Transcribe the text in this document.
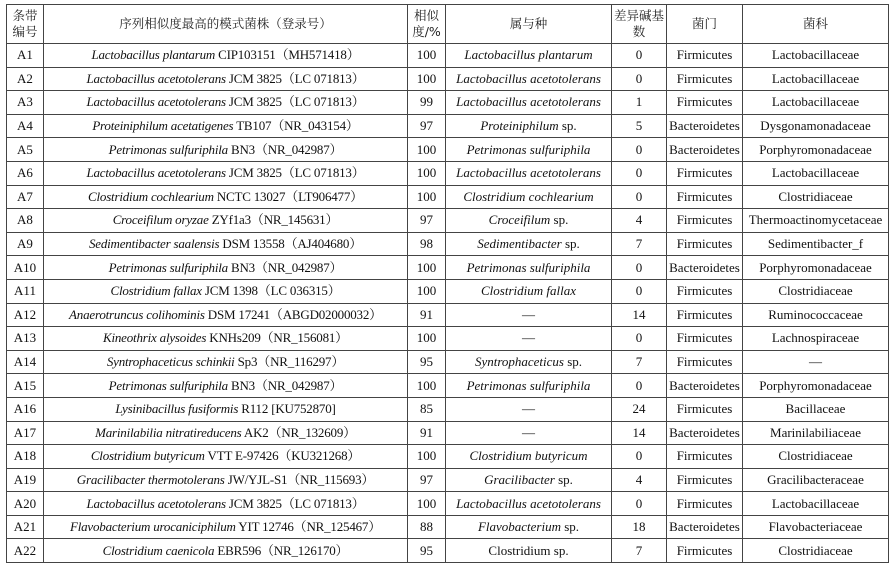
条带编号	序列相似度最高的模式菌株（登录号）	相似度/%	属与种	差异碱基数	菌门	菌科
A1	Lactobacillus plantarum CIP103151（MH571418）	100	Lactobacillus plantarum	0	Firmicutes	Lactobacillaceae
A2	Lactobacillus acetotolerans JCM 3825（LC 071813）	100	Lactobacillus acetotolerans	0	Firmicutes	Lactobacillaceae
A3	Lactobacillus acetotolerans JCM 3825（LC 071813）	99	Lactobacillus acetotolerans	1	Firmicutes	Lactobacillaceae
A4	Proteiniphilum acetatigenes TB107（NR_043154）	97	Proteiniphilum sp.	5	Bacteroidetes	Dysgonamonadaceae
A5	Petrimonas sulfuriphila BN3（NR_042987）	100	Petrimonas sulfuriphila	0	Bacteroidetes	Porphyromonadaceae
A6	Lactobacillus acetotolerans JCM 3825（LC 071813）	100	Lactobacillus acetotolerans	0	Firmicutes	Lactobacillaceae
A7	Clostridium cochlearium NCTC 13027（LT906477）	100	Clostridium cochlearium	0	Firmicutes	Clostridiaceae
A8	Croceifilum oryzae ZYf1a3（NR_145631）	97	Croceifilum sp.	4	Firmicutes	Thermoactinomycetaceae
A9	Sedimentibacter saalensis DSM 13558（AJ404680）	98	Sedimentibacter sp.	7	Firmicutes	Sedimentibacter_f
A10	Petrimonas sulfuriphila BN3（NR_042987）	100	Petrimonas sulfuriphila	0	Bacteroidetes	Porphyromonadaceae
A11	Clostridium fallax JCM 1398（LC 036315）	100	Clostridium fallax	0	Firmicutes	Clostridiaceae
A12	Anaerotruncus colihominis DSM 17241（ABGD02000032）	91	—	14	Firmicutes	Ruminococcaceae
A13	Kineothrix alysoides KNHs209（NR_156081）	100	—	0	Firmicutes	Lachnospiraceae
A14	Syntrophaceticus schinkii Sp3（NR_116297）	95	Syntrophaceticus sp.	7	Firmicutes	—
A15	Petrimonas sulfuriphila BN3（NR_042987）	100	Petrimonas sulfuriphila	0	Bacteroidetes	Porphyromonadaceae
A16	Lysinibacillus fusiformis R112 [KU752870]	85	—	24	Firmicutes	Bacillaceae
A17	Marinilabilia nitratireducens AK2（NR_132609）	91	—	14	Bacteroidetes	Marinilabiliaceae
A18	Clostridium butyricum VTT E-97426（KU321268）	100	Clostridium butyricum	0	Firmicutes	Clostridiaceae
A19	Gracilibacter thermotolerans JW/YJL-S1（NR_115693）	97	Gracilibacter sp.	4	Firmicutes	Gracilibacteraceae
A20	Lactobacillus acetotolerans JCM 3825（LC 071813）	100	Lactobacillus acetotolerans	0	Firmicutes	Lactobacillaceae
A21	Flavobacterium urocaniciphilum YIT 12746（NR_125467）	88	Flavobacterium sp.	18	Bacteroidetes	Flavobacteriaceae
A22	Clostridium caenicola EBR596（NR_126170）	95	Clostridium sp.	7	Firmicutes	Clostridiaceae
